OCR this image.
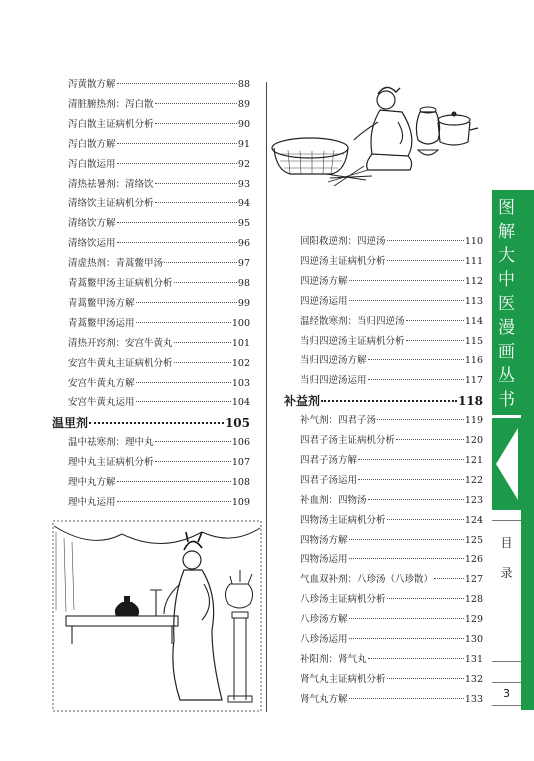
图
解
大
中
医
漫
画
丛
书
目
录
3
泻黄散方解	88
清脏腑热剂：泻白散	89
泻白散主证病机分析	90
泻白散方解	91
泻白散运用	92
清热祛暑剂：清络饮	93
清络饮主证病机分析	94
清络饮方解	95
清络饮运用	96
清虚热剂：青蒿鳖甲汤	97
青蒿鳖甲汤主证病机分析	98
青蒿鳖甲汤方解	99
青蒿鳖甲汤运用	100
清热开窍剂：安宫牛黄丸	101
安宫牛黄丸主证病机分析	102
安宫牛黄丸方解	103
安宫牛黄丸运用	104
温里剂	105
温中祛寒剂：理中丸	106
理中丸主证病机分析	107
理中丸方解	108
理中丸运用	109
回阳救逆剂：四逆汤	110
四逆汤主证病机分析	111
四逆汤方解	112
四逆汤运用	113
温经散寒剂：当归四逆汤	114
当归四逆汤主证病机分析	115
当归四逆汤方解	116
当归四逆汤运用	117
补益剂	118
补气剂：四君子汤	119
四君子汤主证病机分析	120
四君子汤方解	121
四君子汤运用	122
补血剂：四物汤	123
四物汤主证病机分析	124
四物汤方解	125
四物汤运用	126
气血双补剂：八珍汤（八珍散）	127
八珍汤主证病机分析	128
八珍汤方解	129
八珍汤运用	130
补阳剂：肾气丸	131
肾气丸主证病机分析	132
肾气丸方解	133
